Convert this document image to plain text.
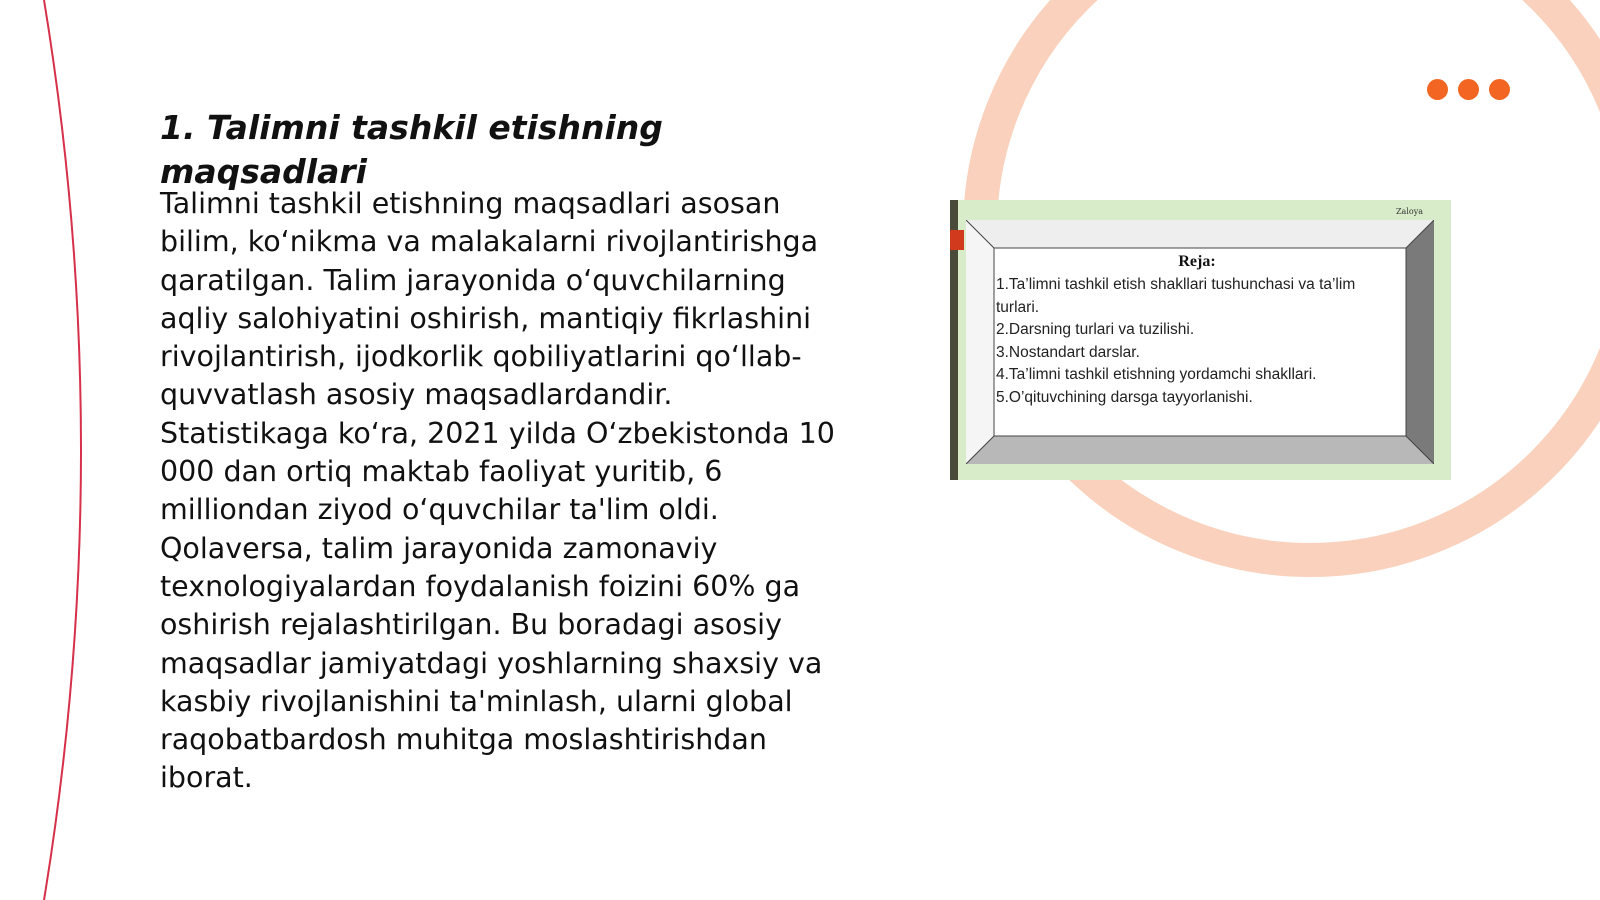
1. Talimni tashkil etishning maqsadlari

Talimni tashkil etishning maqsadlari asosan bilim, ko‘nikma va malakalarni rivojlantirishga qaratilgan. Talim jarayonida o‘quvchilarning aqliy salohiyatini oshirish, mantiqiy fikrlashini rivojlantirish, ijodkorlik qobiliyatlarini qo‘llab-quvvatlash asosiy maqsadlardandir. Statistikaga ko‘ra, 2021 yilda O‘zbekistonda 10 000 dan ortiq maktab faoliyat yuritib, 6 milliondan ziyod o‘quvchilar ta'lim oldi. Qolaversa, talim jarayonida zamonaviy texnologiyalardan foydalanish foizini 60% ga oshirish rejalashtirilgan. Bu boradagi asosiy maqsadlar jamiyatdagi yoshlarning shaxsiy va kasbiy rivojlanishini ta'minlash, ularni global raqobatbardosh muhitga moslashtirishdan iborat.

Zaloya

Reja:

1.Ta’limni tashkil etish shakllari tushunchasi va ta’lim turlari.

2.Darsning turlari va tuzilishi.

3.Nostandart darslar.

4.Ta’limni tashkil etishning yordamchi shakllari.

5.O’qituvchining darsga tayyorlanishi.
